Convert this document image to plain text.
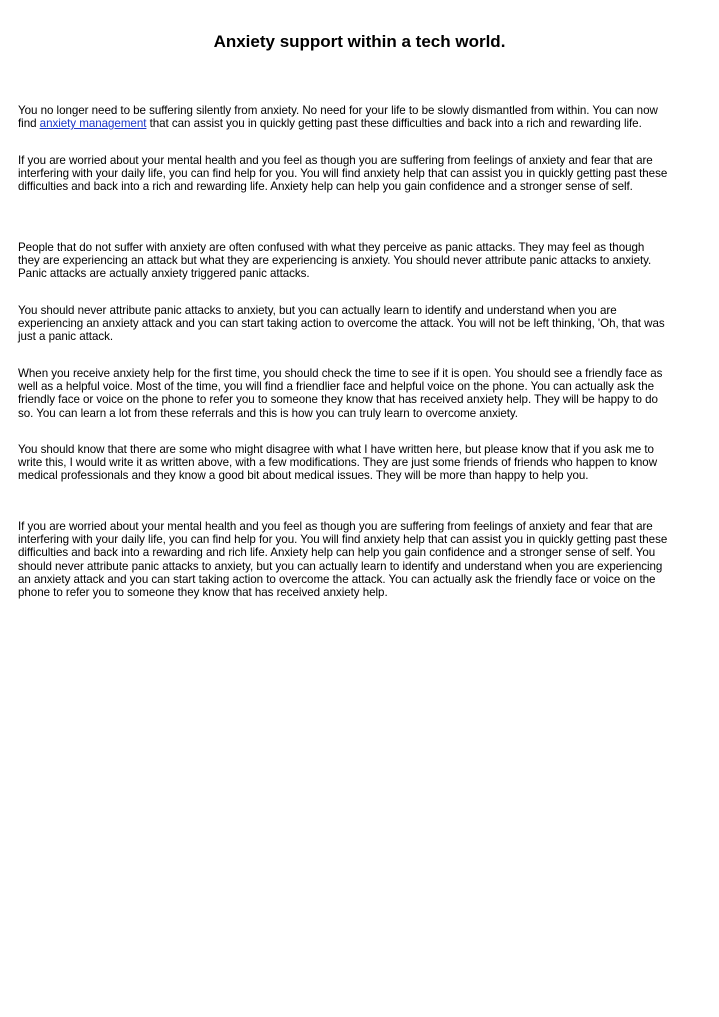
Anxiety support within a tech world.

You no longer need to be suffering silently from anxiety. No need for your life to be slowly dismantled from within. You can now
find anxiety management that can assist you in quickly getting past these difficulties and back into a rich and rewarding life.

If you are worried about your mental health and you feel as though you are suffering from feelings of anxiety and fear that are
interfering with your daily life, you can find help for you. You will find anxiety help that can assist you in quickly getting past these
difficulties and back into a rich and rewarding life. Anxiety help can help you gain confidence and a stronger sense of self.

People that do not suffer with anxiety are often confused with what they perceive as panic attacks. They may feel as though
they are experiencing an attack but what they are experiencing is anxiety. You should never attribute panic attacks to anxiety.
Panic attacks are actually anxiety triggered panic attacks.

You should never attribute panic attacks to anxiety, but you can actually learn to identify and understand when you are
experiencing an anxiety attack and you can start taking action to overcome the attack. You will not be left thinking, 'Oh, that was
just a panic attack.

When you receive anxiety help for the first time, you should check the time to see if it is open. You should see a friendly face as
well as a helpful voice. Most of the time, you will find a friendlier face and helpful voice on the phone. You can actually ask the
friendly face or voice on the phone to refer you to someone they know that has received anxiety help. They will be happy to do
so. You can learn a lot from these referrals and this is how you can truly learn to overcome anxiety.

You should know that there are some who might disagree with what I have written here, but please know that if you ask me to
write this, I would write it as written above, with a few modifications. They are just some friends of friends who happen to know
medical professionals and they know a good bit about medical issues. They will be more than happy to help you.

If you are worried about your mental health and you feel as though you are suffering from feelings of anxiety and fear that are
interfering with your daily life, you can find help for you. You will find anxiety help that can assist you in quickly getting past these
difficulties and back into a rewarding and rich life. Anxiety help can help you gain confidence and a stronger sense of self. You
should never attribute panic attacks to anxiety, but you can actually learn to identify and understand when you are experiencing
an anxiety attack and you can start taking action to overcome the attack. You can actually ask the friendly face or voice on the
phone to refer you to someone they know that has received anxiety help.
